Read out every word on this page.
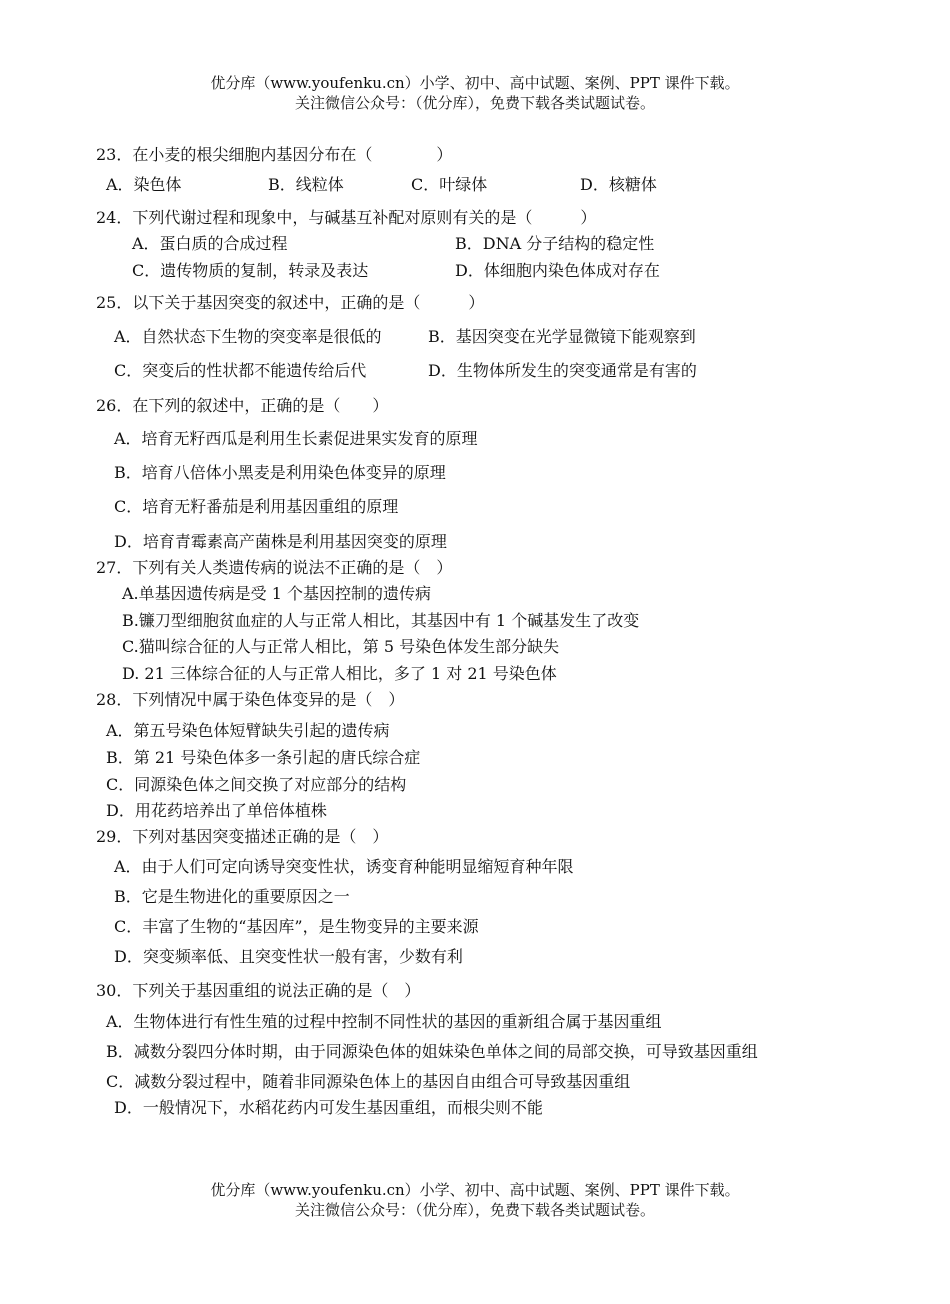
优分库（www.youfenku.cn）小学、初中、高中试题、案例、PPT 课件下载。
关注微信公众号：（优分库），免费下载各类试题试卷。
23．在小麦的根尖细胞内基因分布在（　　　　）
A．染色体	B．线粒体	C．叶绿体	D．核糖体
24．下列代谢过程和现象中，与碱基互补配对原则有关的是（　　　）
A．蛋白质的合成过程	B．DNA 分子结构的稳定性
C．遗传物质的复制，转录及表达	D．体细胞内染色体成对存在
25．以下关于基因突变的叙述中，正确的是（　　　）
A．自然状态下生物的突变率是很低的	B．基因突变在光学显微镜下能观察到
C．突变后的性状都不能遗传给后代	D．生物体所发生的突变通常是有害的
26．在下列的叙述中，正确的是（　　）
A．培育无籽西瓜是利用生长素促进果实发育的原理
B．培育八倍体小黑麦是利用染色体变异的原理
C．培育无籽番茄是利用基因重组的原理
D．培育青霉素高产菌株是利用基因突变的原理
27．下列有关人类遗传病的说法不正确的是（　）
A.单基因遗传病是受 1 个基因控制的遗传病
B.镰刀型细胞贫血症的人与正常人相比，其基因中有 1 个碱基发生了改变
C.猫叫综合征的人与正常人相比，第 5 号染色体发生部分缺失
D. 21 三体综合征的人与正常人相比，多了 1 对 21 号染色体
28．下列情况中属于染色体变异的是（　）
A．第五号染色体短臂缺失引起的遗传病
B．第 21 号染色体多一条引起的唐氏综合症
C．同源染色体之间交换了对应部分的结构
D．用花药培养出了单倍体植株
29．下列对基因突变描述正确的是（　）
A．由于人们可定向诱导突变性状，诱变育种能明显缩短育种年限
B．它是生物进化的重要原因之一
C．丰富了生物的“基因库”，是生物变异的主要来源
D．突变频率低、且突变性状一般有害，少数有利
30．下列关于基因重组的说法正确的是（　）
A．生物体进行有性生殖的过程中控制不同性状的基因的重新组合属于基因重组
B．减数分裂四分体时期，由于同源染色体的姐妹染色单体之间的局部交换，可导致基因重组
C．减数分裂过程中，随着非同源染色体上的基因自由组合可导致基因重组
D．一般情况下，水稻花药内可发生基因重组，而根尖则不能
优分库（www.youfenku.cn）小学、初中、高中试题、案例、PPT 课件下载。
关注微信公众号：（优分库），免费下载各类试题试卷。
